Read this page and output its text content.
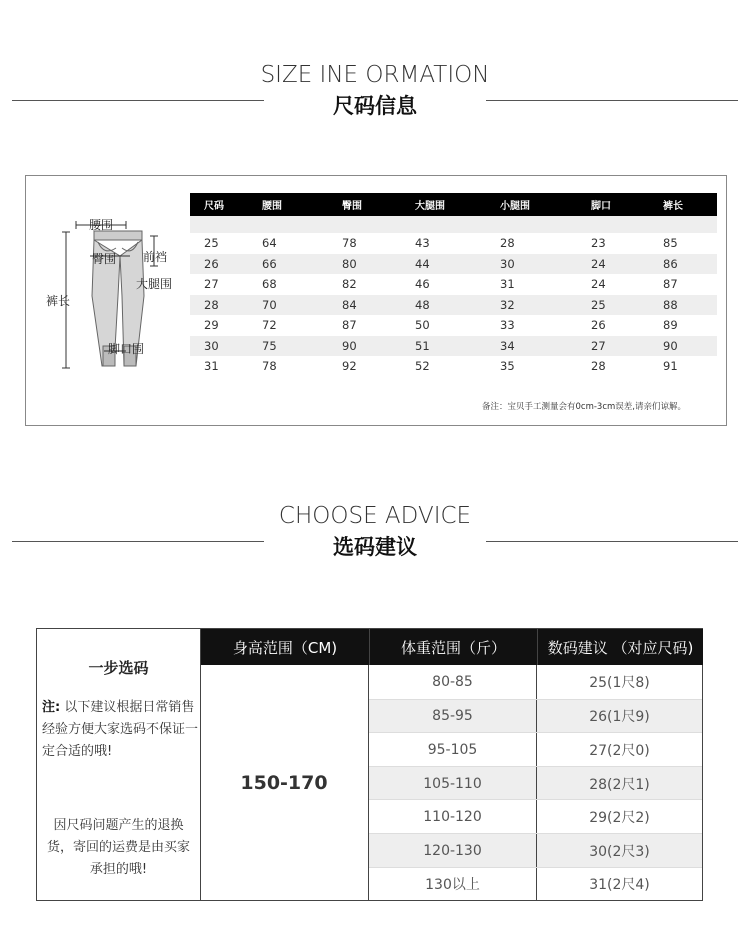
SIZE INE ORMATION
尺码信息
腰围
臀围 前裆
大腿围
裤长
脚口围
尺码	腰围	臀围	大腿围	小腿围	脚口	裤长

25	64	78	43	28	23	85
26	66	80	44	30	24	86
27	68	82	46	31	24	87
28	70	84	48	32	25	88
29	72	87	50	33	26	89
30	75	90	51	34	27	90
31	78	92	52	35	28	91
备注：宝贝手工测量会有0cm-3cm误差,请亲们谅解。
CHOOSE ADVICE
选码建议
一步选码
注: 以下建议根据日常销售经验方便大家选码不保证一定合适的哦!
因尺码问题产生的退换货，寄回的运费是由买家承担的哦!
身高范围（CM)	体重范围（斤）	数码建议 （对应尺码)
150-170
80-85	25(1尺8)
85-95	26(1尺9)
95-105	27(2尺0)
105-110	28(2尺1)
110-120	29(2尺2)
120-130	30(2尺3)
130以上	31(2尺4)
